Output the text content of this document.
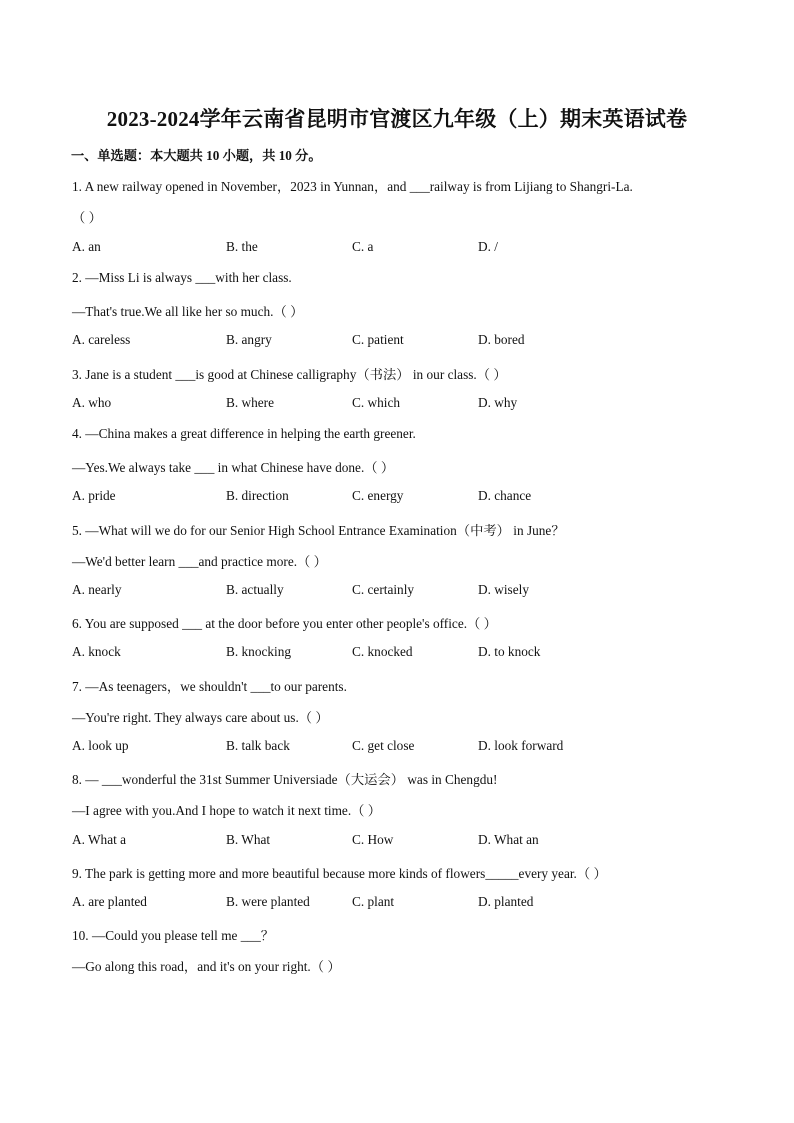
2023-2024学年云南省昆明市官渡区九年级（上）期末英语试卷
一、单选题：本大题共 10 小题，共 10 分。
1. A new railway opened in November，2023 in Yunnan，and ___railway is from Lijiang to Shangri-La.
（ ）
A. an	B. the	C. a	D. /
2. —Miss Li is always ___with her class.
—That's true.We all like her so much.（ ）
A. careless	B. angry	C. patient	D. bored
3. Jane is a student ___is good at Chinese calligraphy（书法） in our class.（ ）
A. who	B. where	C. which	D. why
4. —China makes a great difference in helping the earth greener.
—Yes.We always take ___ in what Chinese have done.（ ）
A. pride	B. direction	C. energy	D. chance
5. —What will we do for our Senior High School Entrance Examination（中考） in June？
—We'd better learn ___and practice more.（ ）
A. nearly	B. actually	C. certainly	D. wisely
6. You are supposed ___ at the door before you enter other people's office.（ ）
A. knock	B. knocking	C. knocked	D. to knock
7. —As teenagers，we shouldn't ___to our parents.
—You're right. They always care about us.（ ）
A. look up	B. talk back	C. get close	D. look forward
8. — ___wonderful the 31st Summer Universiade（大运会） was in Chengdu!
—I agree with you.And I hope to watch it next time.（ ）
A. What a	B. What	C. How	D. What an
9. The park is getting more and more beautiful because more kinds of flowers_____every year.（ ）
A. are planted	B. were planted	C. plant	D. planted
10. —Could you please tell me ___？
—Go along this road，and it's on your right.（ ）
